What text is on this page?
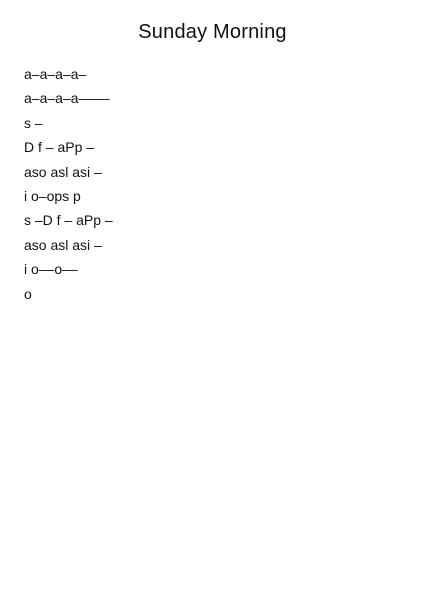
Sunday Morning
a–a–a–a–
a–a–a–a––––
s –
D f – aPp –
aso asl asi –
i o–ops p
s –D f – aPp –
aso asl asi –
i o––o––
o
